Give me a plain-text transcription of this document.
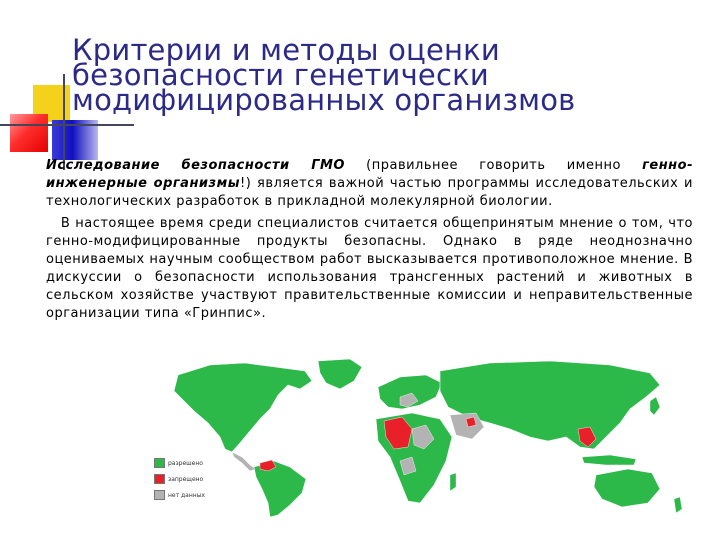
Критерии и методы оценки
безопасности генетически
модифицированных организмов

Исследование безопасности ГМО (правильнее говорить именно генно-инженерные организмы!) является важной частью программы исследовательских и технологических разработок в прикладной молекулярной биологии.

В настоящее время среди специалистов считается общепринятым мнение о том, что генно-модифицированные продукты безопасны. Однако в ряде неоднозначно оцениваемых научным сообществом работ высказывается противоположное мнение. В дискуссии о безопасности использования трансгенных растений и животных в сельском хозяйстве участвуют правительственные комиссии и неправительственные организации типа «Гринпис».

разрешено
запрещено
нет данных
